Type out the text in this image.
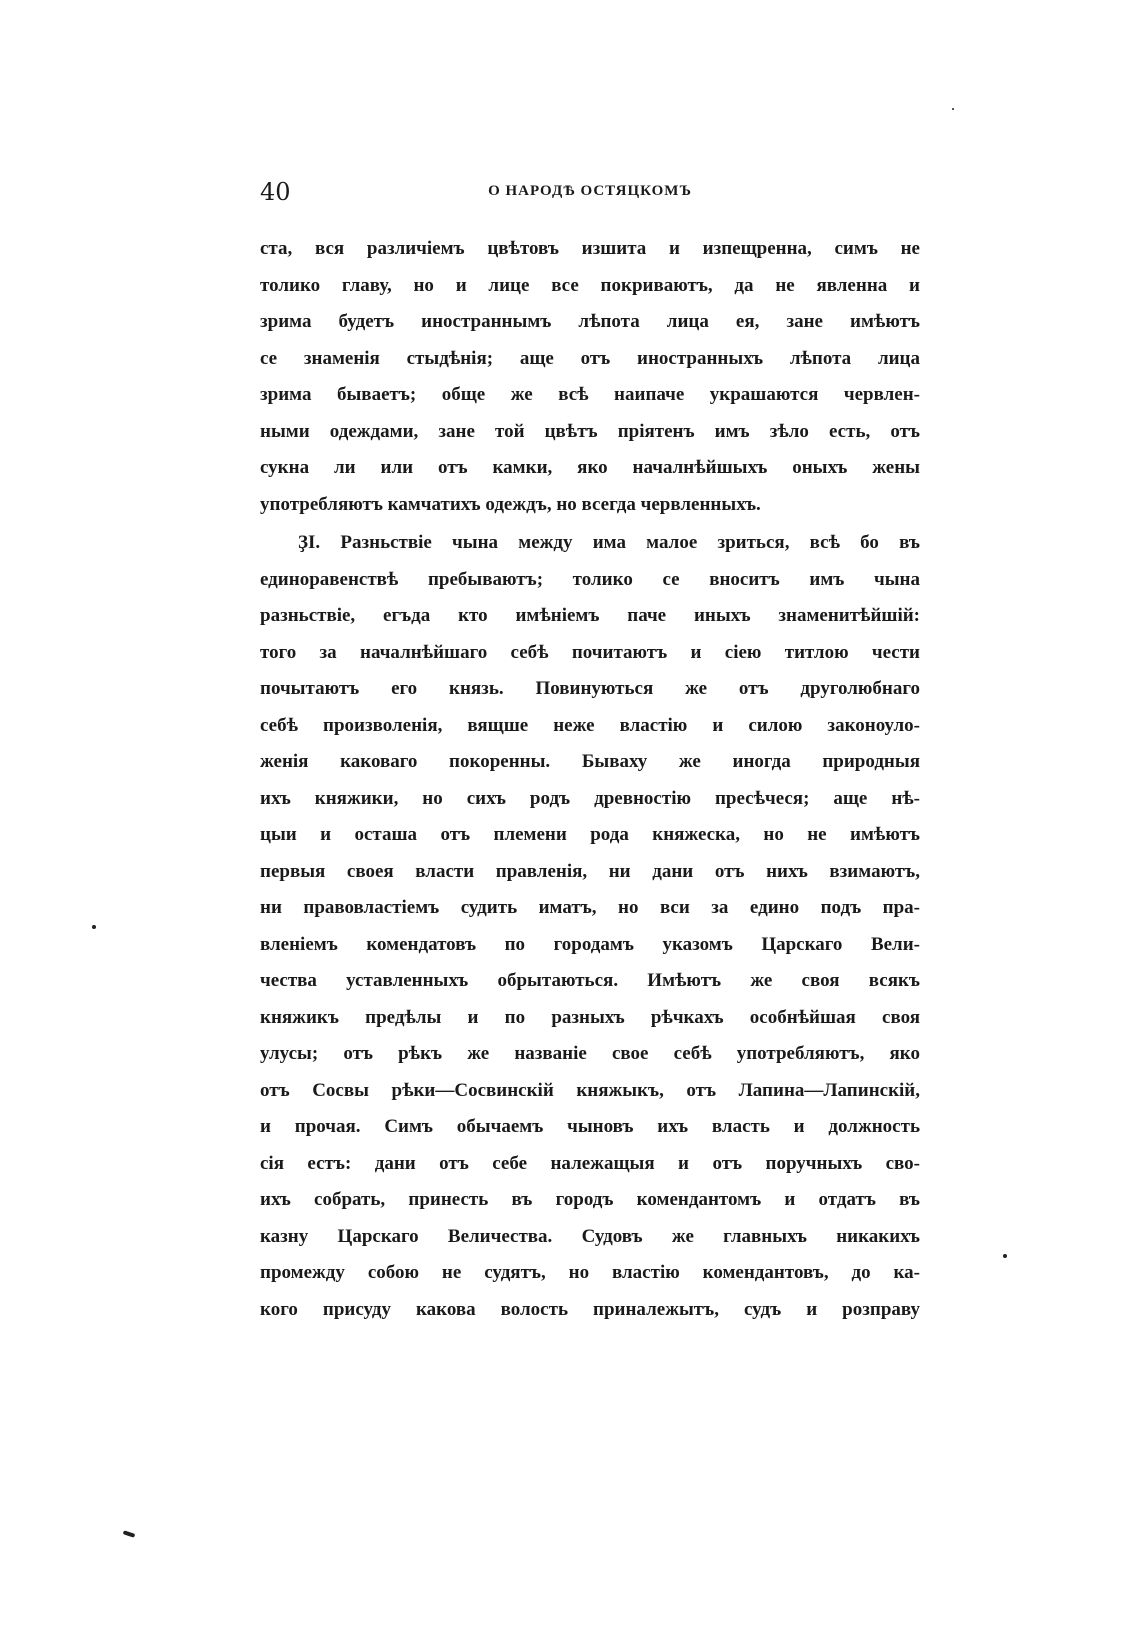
40	О НАРОДѢ ОСТЯЦКОМЪ
ста, вся различіемъ цвѣтовъ изшита и изпещренна, симъ не
толико главу, но и лице все покриваютъ, да не явленна и
зрима будетъ иностраннымъ лѣпота лица ея, зане имѣютъ
се знаменія стыдѣнія; аще отъ иностранныхъ лѣпота лица
зрима бываетъ; обще же всѣ наипаче украшаются червлен-
ными одеждами, зане той цвѣтъ пріятенъ имъ зѣло есть, отъ
сукна ли или отъ камки, яко началнѣйшыхъ оныхъ жены
употребляютъ камчатихъ одеждъ, но всегда червленныхъ.
ҘІ. Разньствіе чына между има малое зриться, всѣ бо въ
единоравенствѣ пребываютъ; толико се вноситъ имъ чына
разньствіе, егъда кто имѣніемъ паче иныхъ знаменитѣйшій:
того за началнѣйшаго себѣ почитаютъ и сіею титлою чести
почытаютъ его князь. Повинуються же отъ друголюбнаго
себѣ произволенія, вящше неже властію и силою законоуло-
женія каковаго покоренны. Бываху же иногда природныя
ихъ княжики, но сихъ родъ древностію пресѣчеся; аще нѣ-
цыи и осташа отъ племени рода княжеска, но не имѣютъ
первыя своея власти правленія, ни дани отъ нихъ взимаютъ,
ни правовластіемъ судить иматъ, но вси за едино подъ пра-
вленіемъ комендатовъ по городамъ указомъ Царскаго Вели-
чества уставленныхъ обрытаються. Имѣютъ же своя всякъ
княжикъ предѣлы и по разныхъ рѣчкахъ особнѣйшая своя
улусы; отъ рѣкъ же названіе свое себѣ употребляютъ, яко
отъ Сосвы рѣки—Сосвинскій княжыкъ, отъ Лапина—Лапинскій,
и прочая. Симъ обычаемъ чыновъ ихъ власть и должность
сія естъ: дани отъ себе належащыя и отъ поручныхъ сво-
ихъ собрать, принесть въ городъ комендантомъ и отдатъ въ
казну Царскаго Величества. Судовъ же главныхъ никакихъ
промежду собою не судятъ, но властію комендантовъ, до ка-
кого присуду какова волость приналежытъ, судъ и розправу
